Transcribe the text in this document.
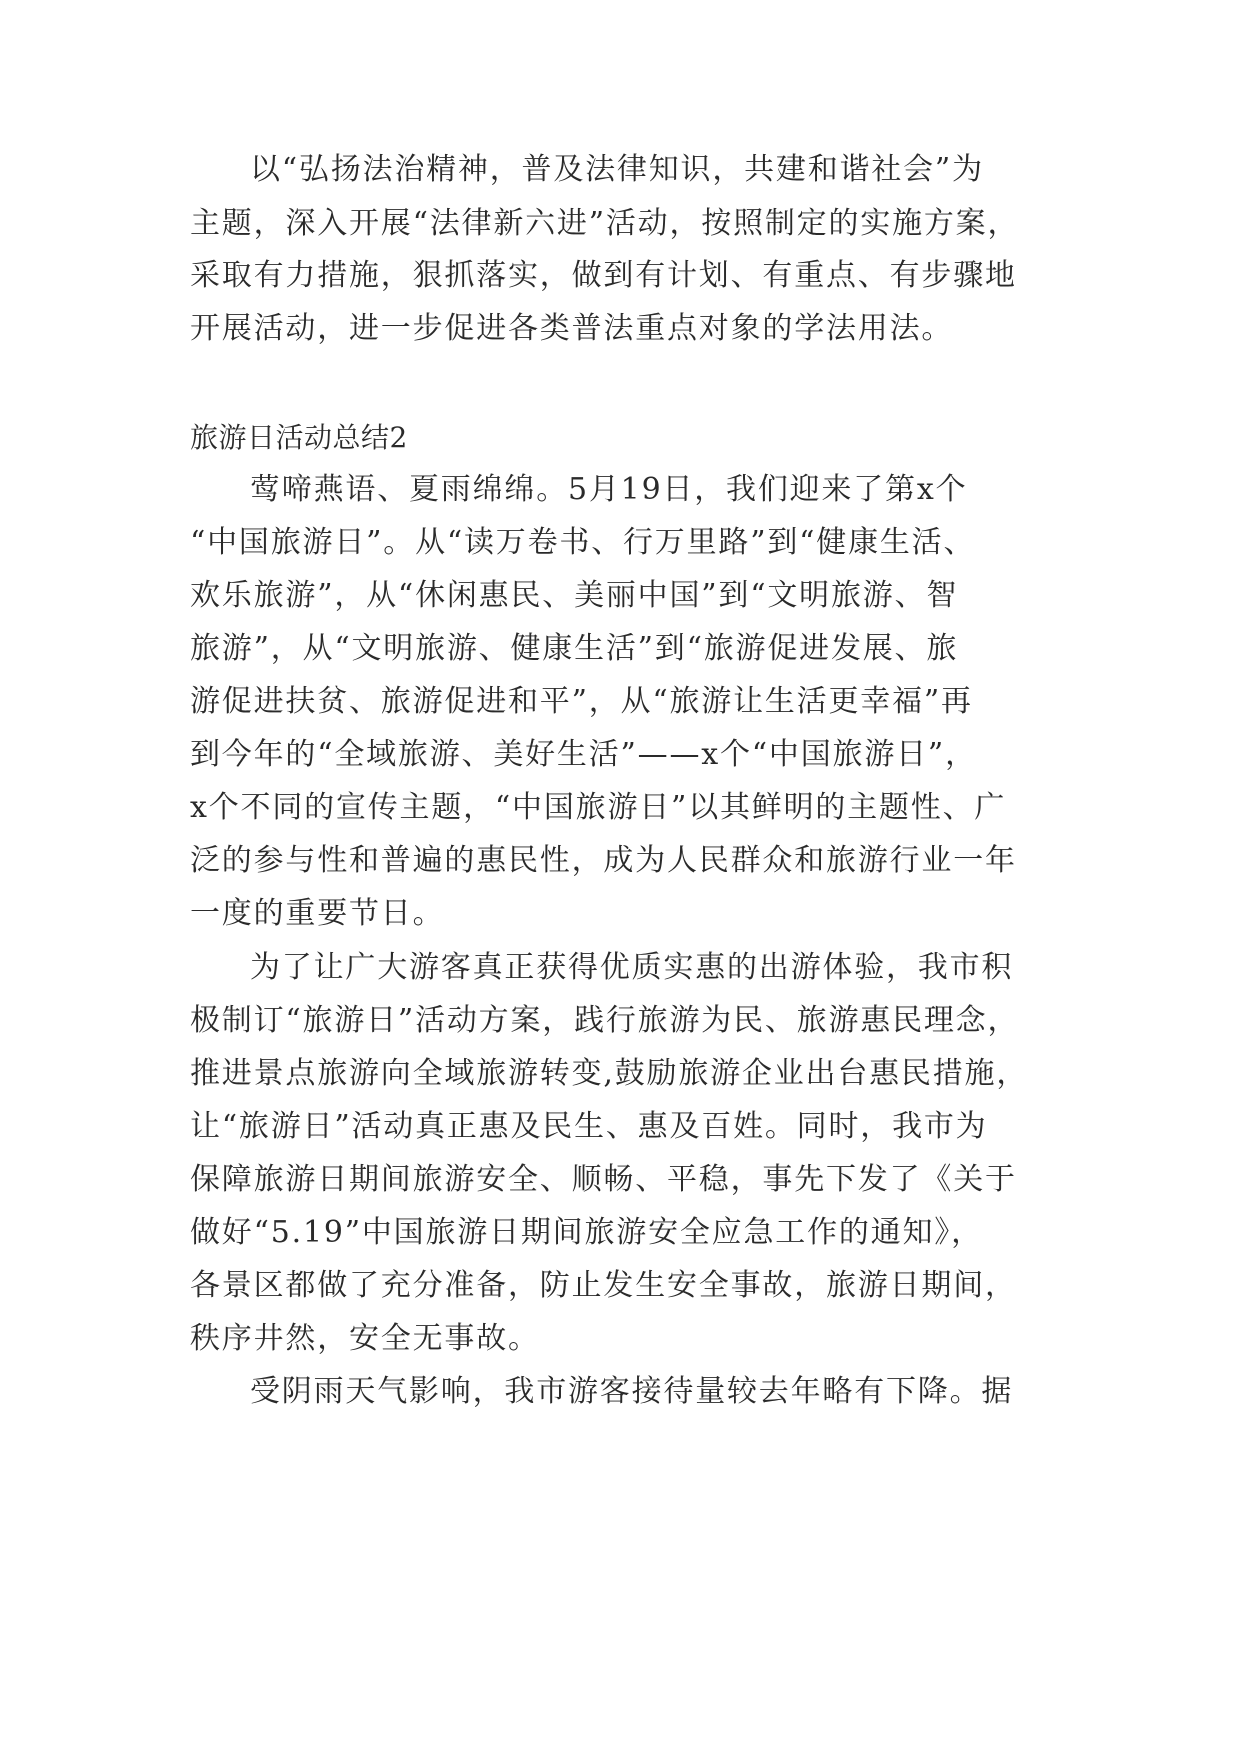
以“弘扬法治精神，普及法律知识，共建和谐社会”为
主题，深入开展“法律新六进”活动，按照制定的实施方案，
采取有力措施，狠抓落实，做到有计划、有重点、有步骤地
开展活动，进一步促进各类普法重点对象的学法用法。
旅游日活动总结2
莺啼燕语、夏雨绵绵。5月19日，我们迎来了第x个
“中国旅游日”。从“读万卷书、行万里路”到“健康生活、
欢乐旅游”，从“休闲惠民、美丽中国”到“文明旅游、智
旅游”，从“文明旅游、健康生活”到“旅游促进发展、旅
游促进扶贫、旅游促进和平”，从“旅游让生活更幸福”再
到今年的“全域旅游、美好生活”——x个“中国旅游日”，
x个不同的宣传主题，“中国旅游日”以其鲜明的主题性、广
泛的参与性和普遍的惠民性，成为人民群众和旅游行业一年
一度的重要节日。
为了让广大游客真正获得优质实惠的出游体验，我市积
极制订“旅游日”活动方案，践行旅游为民、旅游惠民理念，
推进景点旅游向全域旅游转变,鼓励旅游企业出台惠民措施，
让“旅游日”活动真正惠及民生、惠及百姓。同时，我市为
保障旅游日期间旅游安全、顺畅、平稳，事先下发了《关于
做好“5.19”中国旅游日期间旅游安全应急工作的通知》，
各景区都做了充分准备，防止发生安全事故，旅游日期间，
秩序井然，安全无事故。
受阴雨天气影响，我市游客接待量较去年略有下降。据
